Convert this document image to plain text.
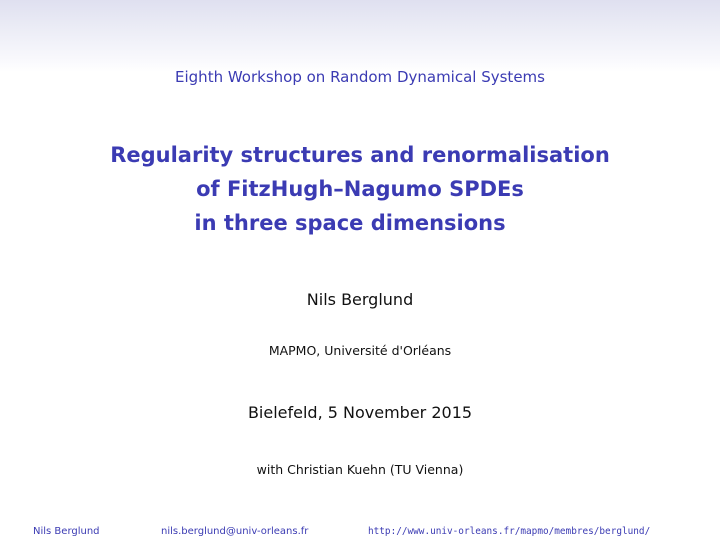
Eighth Workshop on Random Dynamical Systems
Regularity structures and renormalisation
of FitzHugh–Nagumo SPDEs
in three space dimensions
Nils Berglund
MAPMO, Université d'Orléans
Bielefeld, 5 November 2015
with Christian Kuehn (TU Vienna)
Nils Berglund	nils.berglund@univ-orleans.fr	http://www.univ-orleans.fr/mapmo/membres/berglund/
